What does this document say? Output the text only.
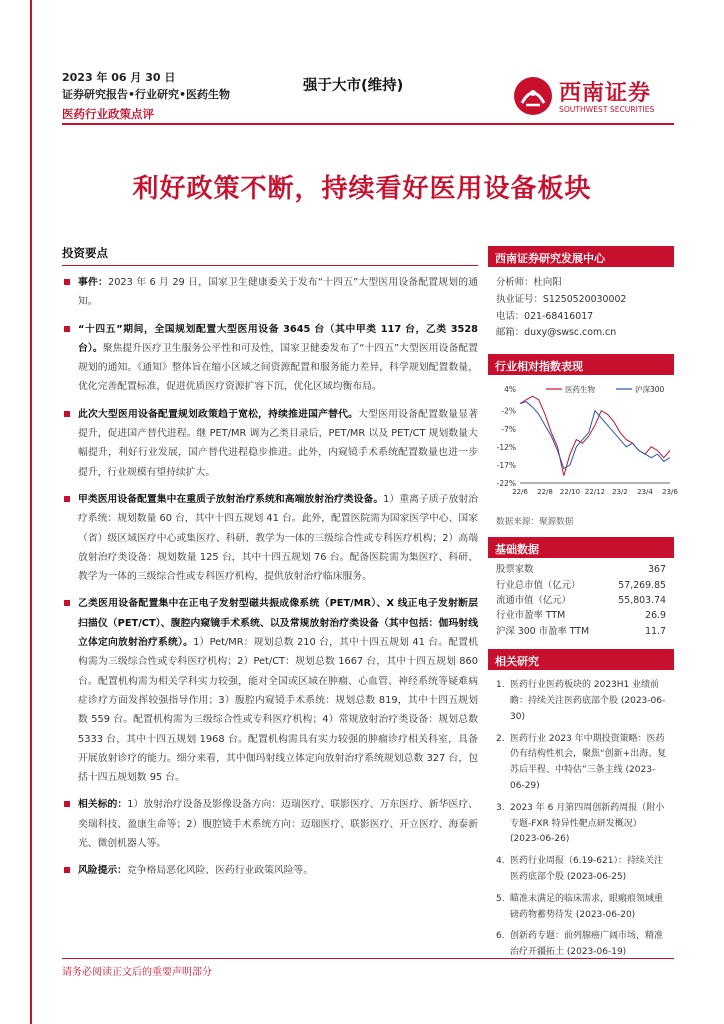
2023 年 06 月 30 日
证券研究报告•行业研究•医药生物
医药行业政策点评
强于大市(维持)	西南证券
SOUTHWEST SECURITIES
利好政策不断，持续看好医用设备板块
投资要点
事件：2023 年 6 月 29 日，国家卫生健康委关于发布“十四五”大型医用设备配置规划的通知。
“十四五”期间，全国规划配置大型医用设备 3645 台（其中甲类 117 台，乙类 3528 台）。聚焦提升医疗卫生服务公平性和可及性，国家卫健委发布了“十四五”大型医用设备配置规划的通知。《通知》整体旨在缩小区域之间资源配置和服务能力差异，科学规划配置数量，优化完善配置标准，促进优质医疗资源扩容下沉，优化区域均衡布局。
此次大型医用设备配置规划政策趋于宽松，持续推进国产替代。大型医用设备配置数量显著提升，促进国产替代进程。继 PET/MR 调为乙类目录后，PET/MR 以及 PET/CT 规划数量大幅提升，利好行业发展，国产替代进程稳步推进。此外，内窥镜手术系统配置数量也进一步提升，行业规模有望持续扩大。
甲类医用设备配置集中在重质子放射治疗系统和高端放射治疗类设备。1）重离子质子放射治疗系统：规划数量 60 台，其中十四五规划 41 台。此外，配置医院需为国家医学中心、国家（省）级区域医疗中心或集医疗、科研、教学为一体的三级综合性或专科医疗机构；2）高端放射治疗类设备：规划数量 125 台，其中十四五规划 76 台。配备医院需为集医疗、科研、教学为一体的三级综合性或专科医疗机构，提供放射治疗临床服务。
乙类医用设备配置集中在正电子发射型磁共振成像系统（PET/MR）、X 线正电子发射断层扫描仪（PET/CT）、腹腔内窥镜手术系统、以及常规放射治疗类设备（其中包括：伽玛射线立体定向放射治疗系统）。1）Pet/MR：规划总数 210 台，其中十四五规划 41 台。配置机构需为三级综合性或专科医疗机构；2）Pet/CT：规划总数 1667 台，其中十四五规划 860 台。配置机构需为相关学科实力较强，能对全国或区域在肿瘤、心血管、神经系统等疑难病症诊疗方面发挥较强指导作用；3）腹腔内窥镜手术系统：规划总数 819，其中十四五规划数 559 台。配置机构需为三级综合性或专科医疗机构；4）常规放射治疗类设备：规划总数 5333 台，其中十四五规划 1968 台。配置机构需具有实力较强的肿瘤诊疗相关科室，具备开展放射诊疗的能力。细分来看，其中伽玛射线立体定向放射治疗系统规划总数 327 台，包括十四五规划数 95 台。
相关标的：1）放射治疗设备及影像设备方向：迈瑞医疗、联影医疗、万东医疗、新华医疗、奕瑞科技、盈康生命等；2）腹腔镜手术系统方向：迈瑞医疗、联影医疗、开立医疗、海泰新光、微创机器人等。
风险提示：竞争格局恶化风险、医药行业政策风险等。
西南证券研究发展中心
分析师：杜向阳
执业证号：S1250520030002
电话：021-68416017
邮箱：duxy@swsc.com.cn
行业相对指数表现
4%
-2%
-7%
-12%
-17%
-22%
22/6 22/8 22/10 22/12 23/2 23/4 23/6
医药生物	沪深300
数据来源：聚源数据
基础数据
股票家数	367
行业总市值（亿元）	57,269.85
流通市值（亿元）	55,803.74
行业市盈率 TTM	26.9
沪深 300 市盈率 TTM	11.7
相关研究
1. 医药行业医药板块的 2023H1 业绩前瞻：持续关注医药底部个股 (2023-06-30)
2. 医药行业 2023 年中期投资策略：医药仍有结构性机会，聚焦“创新+出海、复苏后半程、中特估”三条主线 (2023-06-29)
3. 2023 年 6 月第四周创新药周报（附小专题-FXR 特异性靶点研发概况）(2023-06-26)
4. 医药行业周报（6.19-621）：持续关注医药底部个股 (2023-06-25)
5. 瞄准未满足的临床需求，眼瘢痕领域重磅药物蓄势待发 (2023-06-20)
6. 创新药专题：前列腺癌广阔市场，精准治疗开疆拓土 (2023-06-19)
请务必阅读正文后的重要声明部分
